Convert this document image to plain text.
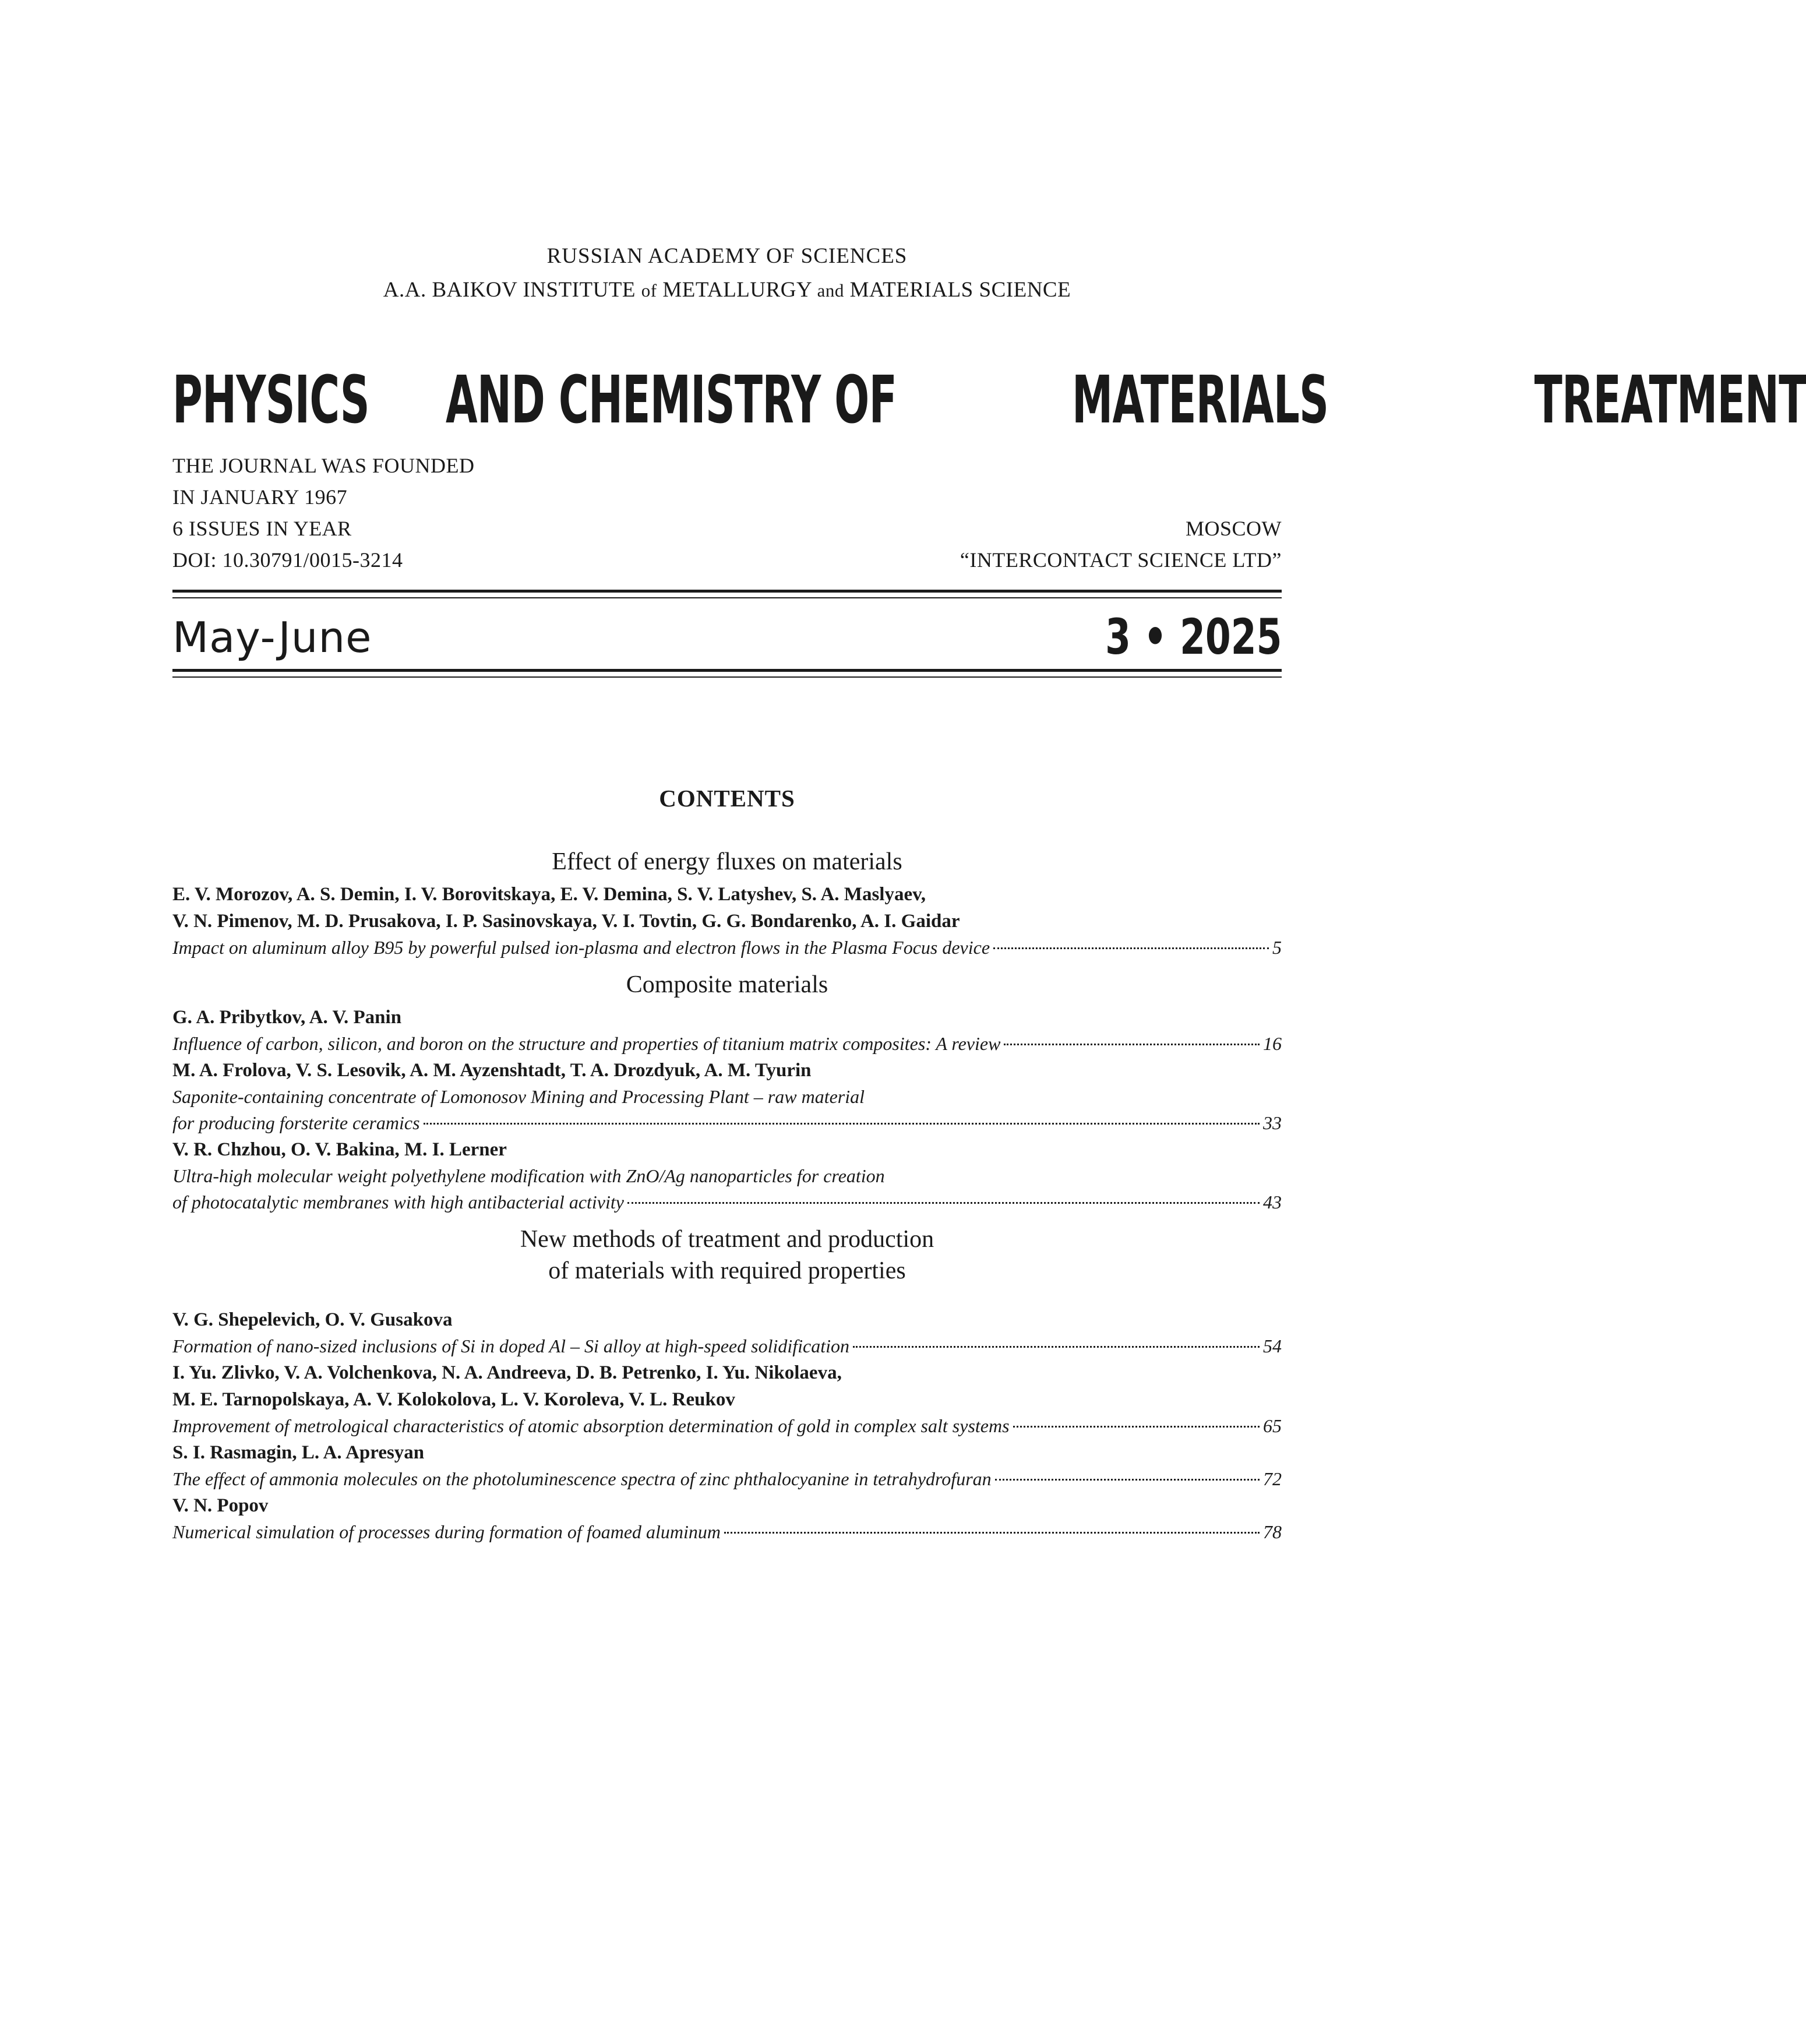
RUSSIAN ACADEMY OF SCIENCES
A.A. BAIKOV INSTITUTE of METALLURGY and MATERIALS SCIENCE
PHYSICS AND CHEMISTRY OF	MATERIALS	TREATMENT
THE JOURNAL WAS FOUNDED
IN JANUARY 1967
6 ISSUES IN YEAR
DOI: 10.30791/0015-3214
MOSCOW
“INTERCONTACT SCIENCE LTD”
May-June	3 • 2025
CONTENTS
Effect of energy fluxes on materials
E. V. Morozov, A. S. Demin, I. V. Borovitskaya, E. V. Demina, S. V. Latyshev, S. A. Maslyaev,
V. N. Pimenov, M. D. Prusakova, I. P. Sasinovskaya, V. I. Tovtin, G. G. Bondarenko, A. I. Gaidar
Impact on aluminum alloy B95 by powerful pulsed ion-plasma and electron flows in the Plasma Focus device	5
Composite materials
G. A. Pribytkov, A. V. Panin
Influence of carbon, silicon, and boron on the structure and properties of titanium matrix composites: A review	16
M. A. Frolova, V. S. Lesovik, A. M. Ayzenshtadt, T. A. Drozdyuk, A. M. Tyurin
Saponite-containing concentrate of Lomonosov Mining and Processing Plant – raw material
for producing forsterite ceramics	33
V. R. Chzhou, O. V. Bakina, M. I. Lerner
Ultra-high molecular weight polyethylene modification with ZnO/Ag nanoparticles for creation
of photocatalytic membranes with high antibacterial activity	43
New methods of treatment and production
of materials with required properties
V. G. Shepelevich, O. V. Gusakova
Formation of nano-sized inclusions of Si in doped Al – Si alloy at high-speed solidification	54
I. Yu. Zlivko, V. A. Volchenkova, N. A. Andreeva, D. B. Petrenko, I. Yu. Nikolaeva,
M. E. Tarnopolskaya, A. V. Kolokolova, L. V. Koroleva, V. L. Reukov
Improvement of metrological characteristics of atomic absorption determination of gold in complex salt systems	65
S. I. Rasmagin, L. A. Apresyan
The effect of ammonia molecules on the photoluminescence spectra of zinc phthalocyanine in tetrahydrofuran	72
V. N. Popov
Numerical simulation of processes during formation of foamed aluminum	78
